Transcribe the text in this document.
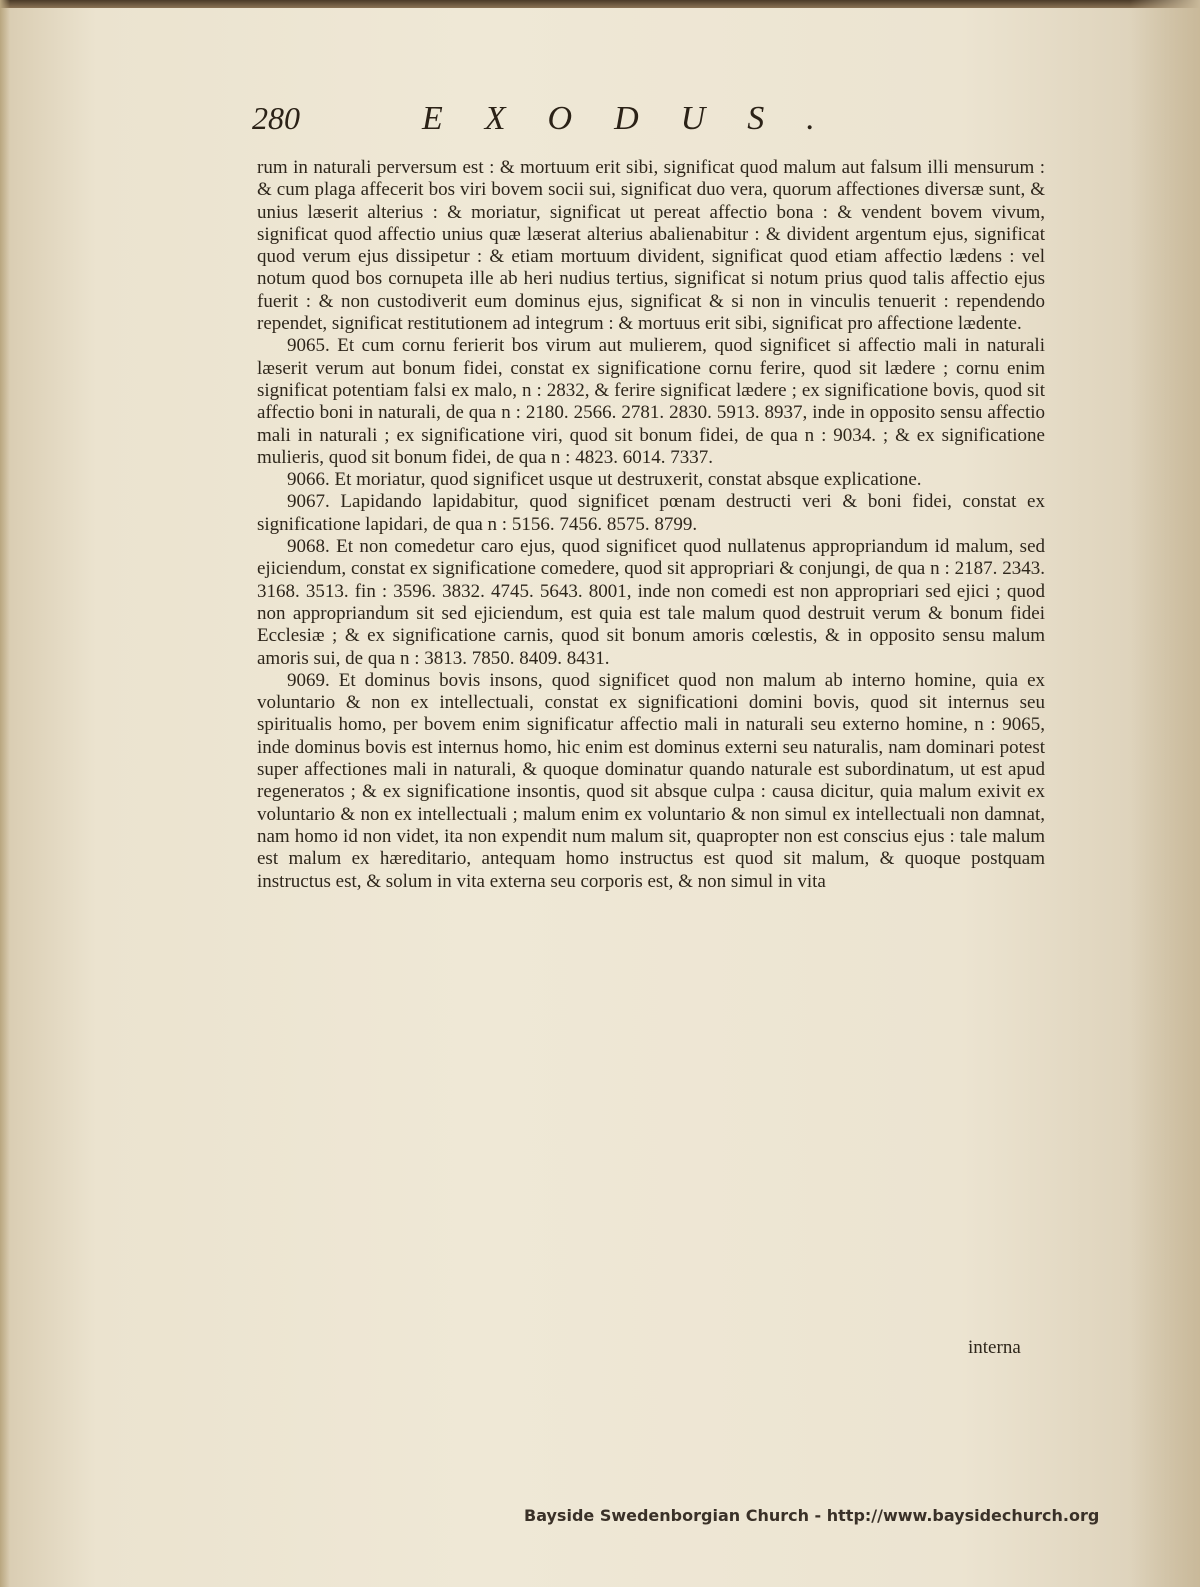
280	EXODUS.

rum in naturali perversum est : & mortuum erit sibi, significat quod malum aut falsum illi mensurum : & cum plaga affecerit bos viri bovem socii sui, significat duo vera, quorum affectiones diversæ sunt, & unius læserit alterius : & moriatur, significat ut pereat affectio bona : & vendent bovem vivum, significat quod affectio unius quæ læserat alterius abalienabitur : & divident argentum ejus, significat quod verum ejus dissipetur : & etiam mortuum divident, significat quod etiam affectio lædens : vel notum quod bos cornupeta ille ab heri nudius tertius, significat si notum prius quod talis affectio ejus fuerit : & non custodiverit eum dominus ejus, significat & si non in vinculis tenuerit : rependendo rependet, significat restitutionem ad integrum : & mortuus erit sibi, significat pro affectione lædente.

9065. Et cum cornu ferierit bos virum aut mulierem, quod significet si affectio mali in naturali læserit verum aut bonum fidei, constat ex significatione cornu ferire, quod sit lædere ; cornu enim significat potentiam falsi ex malo, n : 2832, & ferire significat lædere ; ex significatione bovis, quod sit affectio boni in naturali, de qua n : 2180. 2566. 2781. 2830. 5913. 8937, inde in opposito sensu affectio mali in naturali ; ex significatione viri, quod sit bonum fidei, de qua n : 9034. ; & ex significatione mulieris, quod sit bonum fidei, de qua n : 4823. 6014. 7337.

9066. Et moriatur, quod significet usque ut destruxerit, constat absque explicatione.

9067. Lapidando lapidabitur, quod significet pœnam destructi veri & boni fidei, constat ex significatione lapidari, de qua n : 5156. 7456. 8575. 8799.

9068. Et non comedetur caro ejus, quod significet quod nullatenus appropriandum id malum, sed ejiciendum, constat ex significatione comedere, quod sit appropriari & conjungi, de qua n : 2187. 2343. 3168. 3513. fin : 3596. 3832. 4745. 5643. 8001, inde non comedi est non appropriari sed ejici ; quod non appropriandum sit sed ejiciendum, est quia est tale malum quod destruit verum & bonum fidei Ecclesiæ ; & ex significatione carnis, quod sit bonum amoris cœlestis, & in opposito sensu malum amoris sui, de qua n : 3813. 7850. 8409. 8431.

9069. Et dominus bovis insons, quod significet quod non malum ab interno homine, quia ex voluntario & non ex intellectuali, constat ex significationi domini bovis, quod sit internus seu spiritualis homo, per bovem enim significatur affectio mali in naturali seu externo homine, n : 9065, inde dominus bovis est internus homo, hic enim est dominus externi seu naturalis, nam dominari potest super affectiones mali in naturali, & quoque dominatur quando naturale est subordinatum, ut est apud regeneratos ; & ex significatione insontis, quod sit absque culpa : causa dicitur, quia malum exivit ex voluntario & non ex intellectuali ; malum enim ex voluntario & non simul ex intellectuali non damnat, nam homo id non videt, ita non expendit num malum sit, quapropter non est conscius ejus : tale malum est malum ex hæreditario, antequam homo instructus est quod sit malum, & quoque postquam instructus est, & solum in vita externa seu corporis est, & non simul in vita

interna
Bayside Swedenborgian Church - http://www.baysidechurch.org
